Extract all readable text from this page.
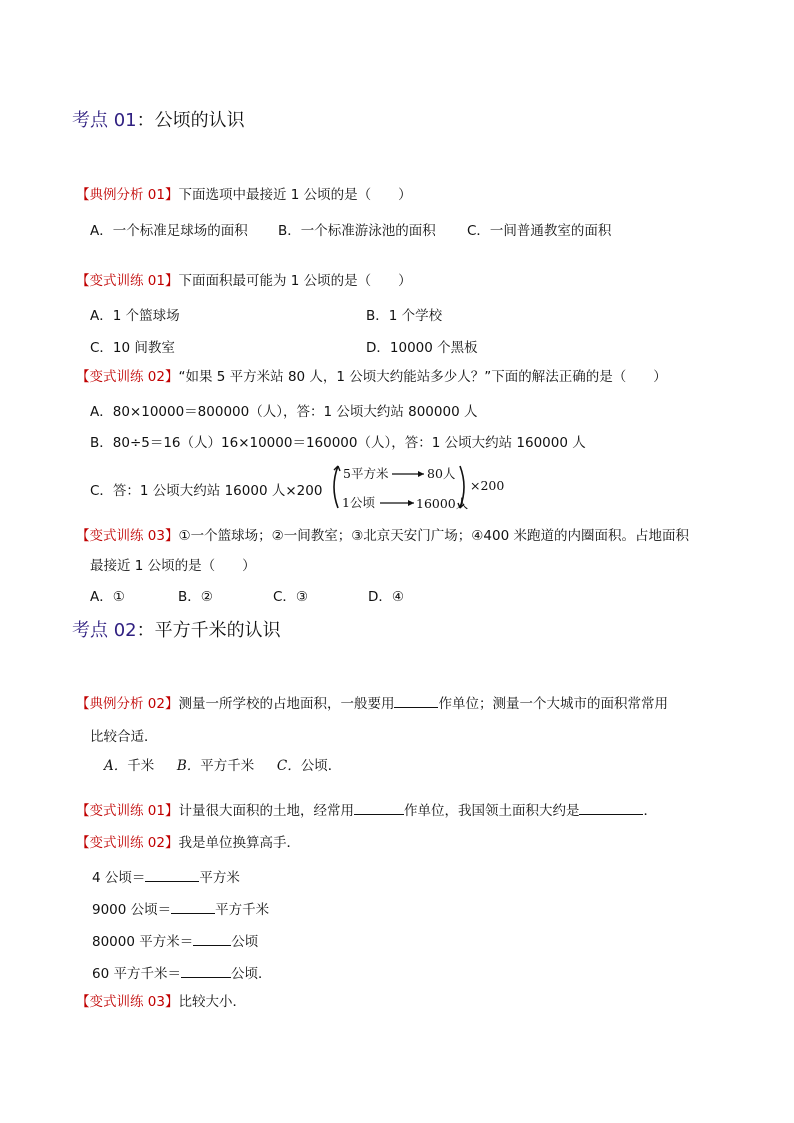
考点 01：公顷的认识
【典例分析 01】下面选项中最接近 1 公顷的是（　　）
A．一个标准足球场的面积 B．一个标准游泳池的面积 C．一间普通教室的面积
【变式训练 01】下面面积最可能为 1 公顷的是（　　）
A．1 个篮球场	B．1 个学校
C．10 间教室	D．10000 个黑板
【变式训练 02】“如果 5 平方米站 80 人，1 公顷大约能站多少人？”下面的解法正确的是（　　）
A．80×10000＝800000（人），答：1 公顷大约站 800000 人
B．80÷5＝16（人）16×10000＝160000（人），答：1 公顷大约站 160000 人
C．答：1 公顷大约站 16000 人×200
5平方米	80人
1公顷	16000人
×200
【变式训练 03】①一个篮球场；②一间教室；③北京天安门广场；④400 米跑道的内圈面积。占地面积
最接近 1 公顷的是（　　）
A．①	B．②	C．③	D．④
考点 02：平方千米的认识
【典例分析 02】测量一所学校的占地面积，一般要用	作单位；测量一个大城市的面积常常用
比较合适．
A．千米 B．平方千米 C．公顷．
【变式训练 01】计量很大面积的土地，经常用	作单位，我国领土面积大约是	．
【变式训练 02】我是单位换算高手．
4 公顷＝	平方米
9000 公顷＝	平方千米
80000 平方米＝	公顷
60 平方千米＝	公顷．
【变式训练 03】比较大小．
